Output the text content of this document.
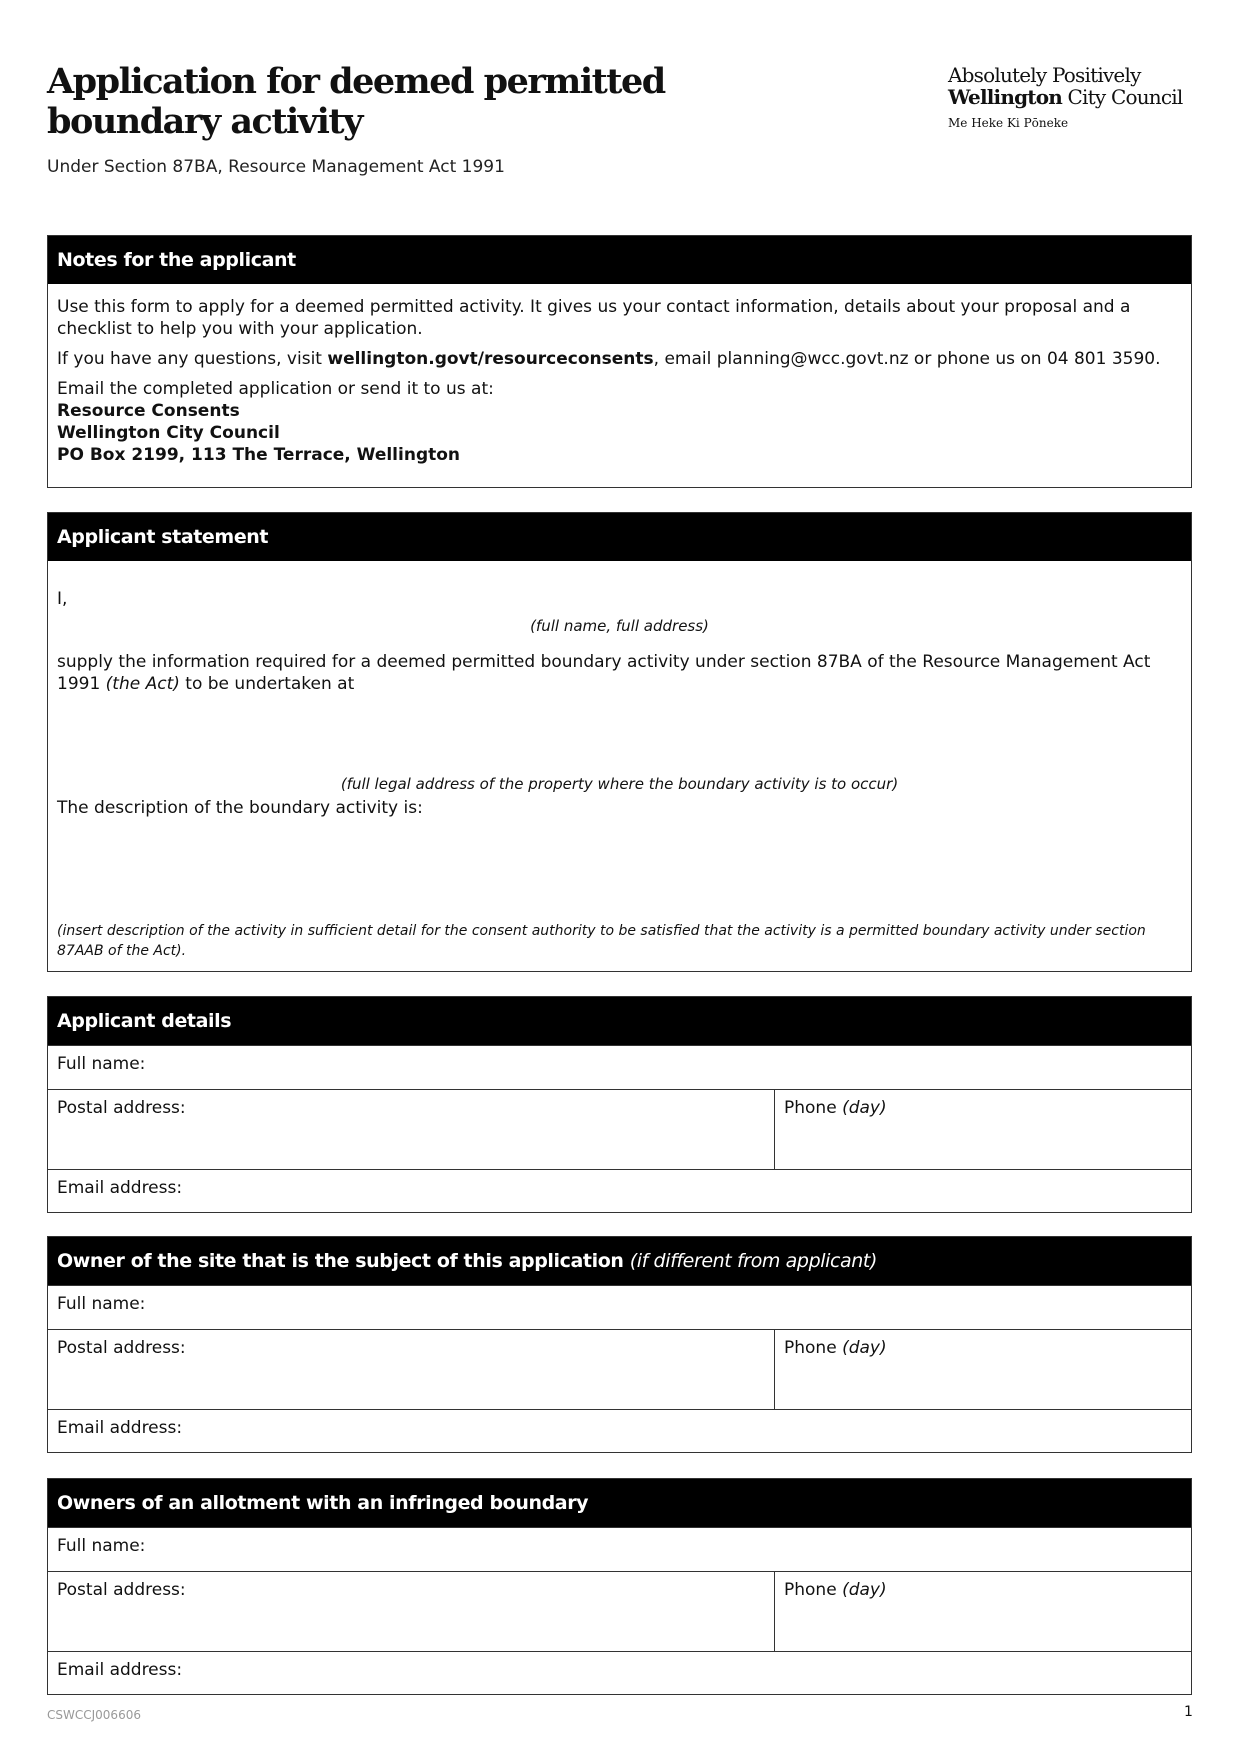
Application for deemed permitted
boundary activity
Under Section 87BA, Resource Management Act 1991
Absolutely Positively
Wellington City Council
Me Heke Ki Pōneke
Notes for the applicant

Use this form to apply for a deemed permitted activity. It gives us your contact information, details about your proposal and a checklist to help you with your application.

If you have any questions, visit wellington.govt/resourceconsents, email planning@wcc.govt.nz or phone us on 04 801 3590.

Email the completed application or send it to us at:
Resource Consents
Wellington City Council
PO Box 2199, 113 The Terrace, Wellington
Applicant statement
I,
(full name, full address)
supply the information required for a deemed permitted boundary activity under section 87BA of the Resource Management Act 1991 (the Act) to be undertaken at
(full legal address of the property where the boundary activity is to occur)
The description of the boundary activity is:
(insert description of the activity in sufficient detail for the consent authority to be satisfied that the activity is a permitted boundary activity under section 87AAB of the Act).
Applicant details
Full name:
Postal address:	Phone (day)
Email address:
Owner of the site that is the subject of this application (if different from applicant)
Full name:
Postal address:	Phone (day)
Email address:
Owners of an allotment with an infringed boundary
Full name:
Postal address:	Phone (day)
Email address:
CSWCCJ006606	1
